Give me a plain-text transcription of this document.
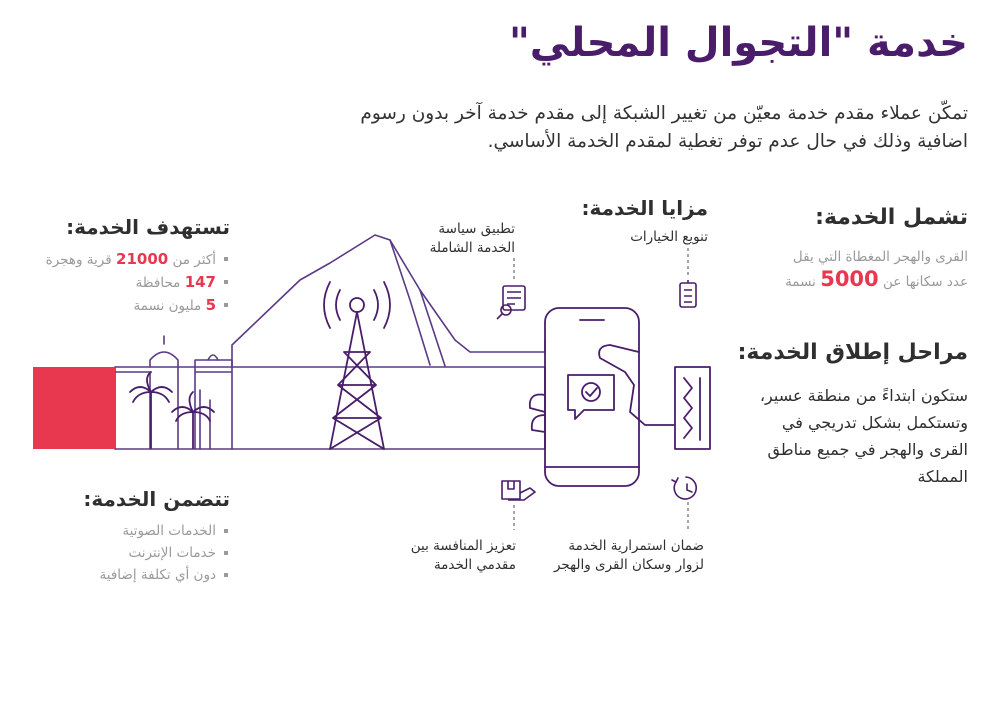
خدمة "التجوال المحلي"
تمكّن عملاء مقدم خدمة معيّن من تغيير الشبكة إلى مقدم خدمة آخر بدون رسوم اضافية وذلك في حال عدم توفر تغطية لمقدم الخدمة الأساسي.
تشمل الخدمة:
القرى والهجر المغطاة التي يقل
عدد سكانها عن 5000 نسمة
مراحل إطلاق الخدمة:
ستكون ابتداءً من منطقة عسير، وتستكمل بشكل تدريجي في القرى والهجر في جميع مناطق المملكة
مزايا الخدمة:
تنويع الخيارات
تطبيق سياسة الخدمة الشاملة
ضمان استمرارية الخدمة لزوار وسكان القرى والهجر
تعزيز المنافسة بين مقدمي الخدمة
تستهدف الخدمة:
أكثر من 21000 قرية وهجرة
147 محافظة
5 مليون نسمة
تتضمن الخدمة:
الخدمات الصوتية
خدمات الإنترنت
دون أي تكلفة إضافية
